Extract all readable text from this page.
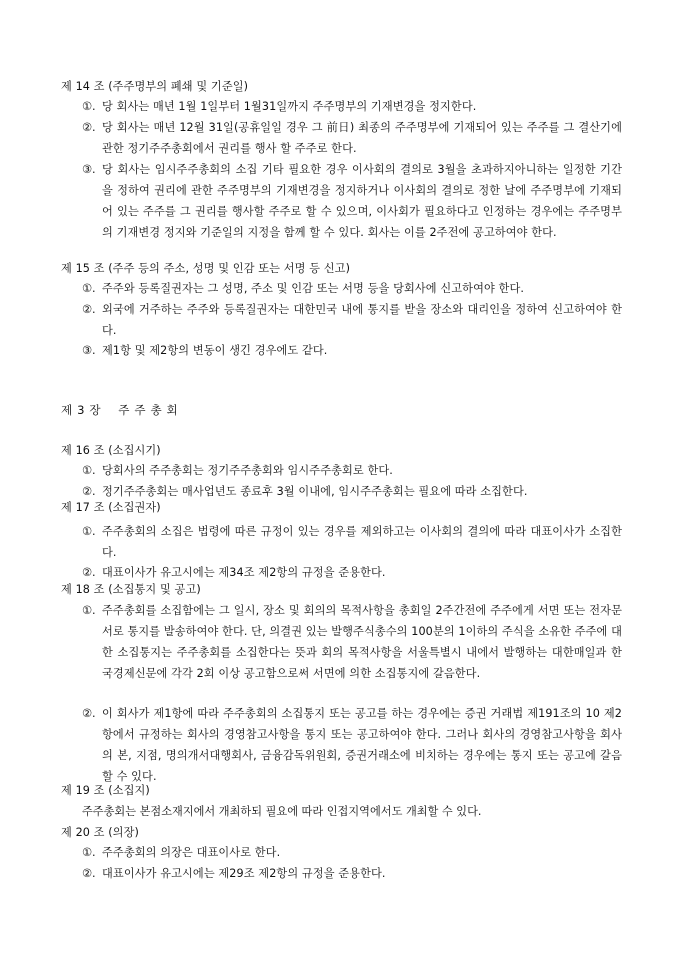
제 14 조 (주주명부의 폐쇄 및 기준일)
①. 당 회사는 매년 1월 1일부터 1월31일까지 주주명부의 기재변경을 정지한다.
②. 당 회사는 매년 12월 31일(공휴일일 경우 그 前日) 최종의 주주명부에 기재되어 있는 주주를 그 결산기에 관한 정기주주총회에서 권리를 행사 할 주주로 한다.
③. 당 회사는 임시주주총회의 소집 기타 필요한 경우 이사회의 결의로 3월을 초과하지아니하는 일정한 기간을 정하여 권리에 관한 주주명부의 기재변경을 정지하거나 이사회의 결의로 정한 날에 주주명부에 기재되어 있는 주주를 그 권리를 행사할 주주로 할 수 있으며, 이사회가 필요하다고 인정하는 경우에는 주주명부의 기재변경 정지와 기준일의 지정을 함께 할 수 있다. 회사는 이를 2주전에 공고하여야 한다.
제 15 조 (주주 등의 주소, 성명 및 인감 또는 서명 등 신고)
①. 주주와 등록질권자는 그 성명, 주소 및 인감 또는 서명 등을 당회사에 신고하여야 한다.
②. 외국에 거주하는 주주와 등록질권자는 대한민국 내에 통지를 받을 장소와 대리인을 정하여 신고하여야 한다.
③. 제1항 및 제2항의 변동이 생긴 경우에도 같다.
제 3 장    주 주 총 회
제 16 조 (소집시기)
①. 당회사의 주주총회는 정기주주총회와 임시주주총회로 한다.
②. 정기주주총회는 매사업년도 종료후 3월 이내에, 임시주주총회는 필요에 따라 소집한다.
제 17 조 (소집권자)
①. 주주총회의 소집은 법령에 따른 규정이 있는 경우를 제외하고는 이사회의 결의에 따라 대표이사가 소집한다.
②. 대표이사가 유고시에는 제34조 제2항의 규정을 준용한다.
제 18 조 (소집통지 및 공고)
①. 주주총회를 소집함에는 그 일시, 장소 및 회의의 목적사항을 총회일 2주간전에 주주에게 서면 또는 전자문서로 통지를 발송하여야 한다. 단, 의결권 있는 발행주식총수의 100분의 1이하의 주식을 소유한 주주에 대한 소집통지는 주주총회를 소집한다는 뜻과 회의 목적사항을 서울특별시 내에서 발행하는 대한매일과 한국경제신문에 각각 2회 이상 공고함으로써 서면에 의한 소집통지에 갈음한다.
②. 이 회사가 제1항에 따라 주주총회의 소집통지 또는 공고를 하는 경우에는 증권 거래법 제191조의 10 제2항에서 규정하는 회사의 경영참고사항을 통지 또는 공고하여야 한다. 그러나 회사의 경영참고사항을 회사의 본, 지점, 명의개서대행회사, 금융감독위원회, 증권거래소에 비치하는 경우에는 통지 또는 공고에 갈음할 수 있다.
제 19 조 (소집지)
주주총회는 본점소재지에서 개최하되 필요에 따라 인접지역에서도 개최할 수 있다.
제 20 조 (의장)
①. 주주총회의 의장은 대표이사로 한다.
②. 대표이사가 유고시에는 제29조 제2항의 규정을 준용한다.
